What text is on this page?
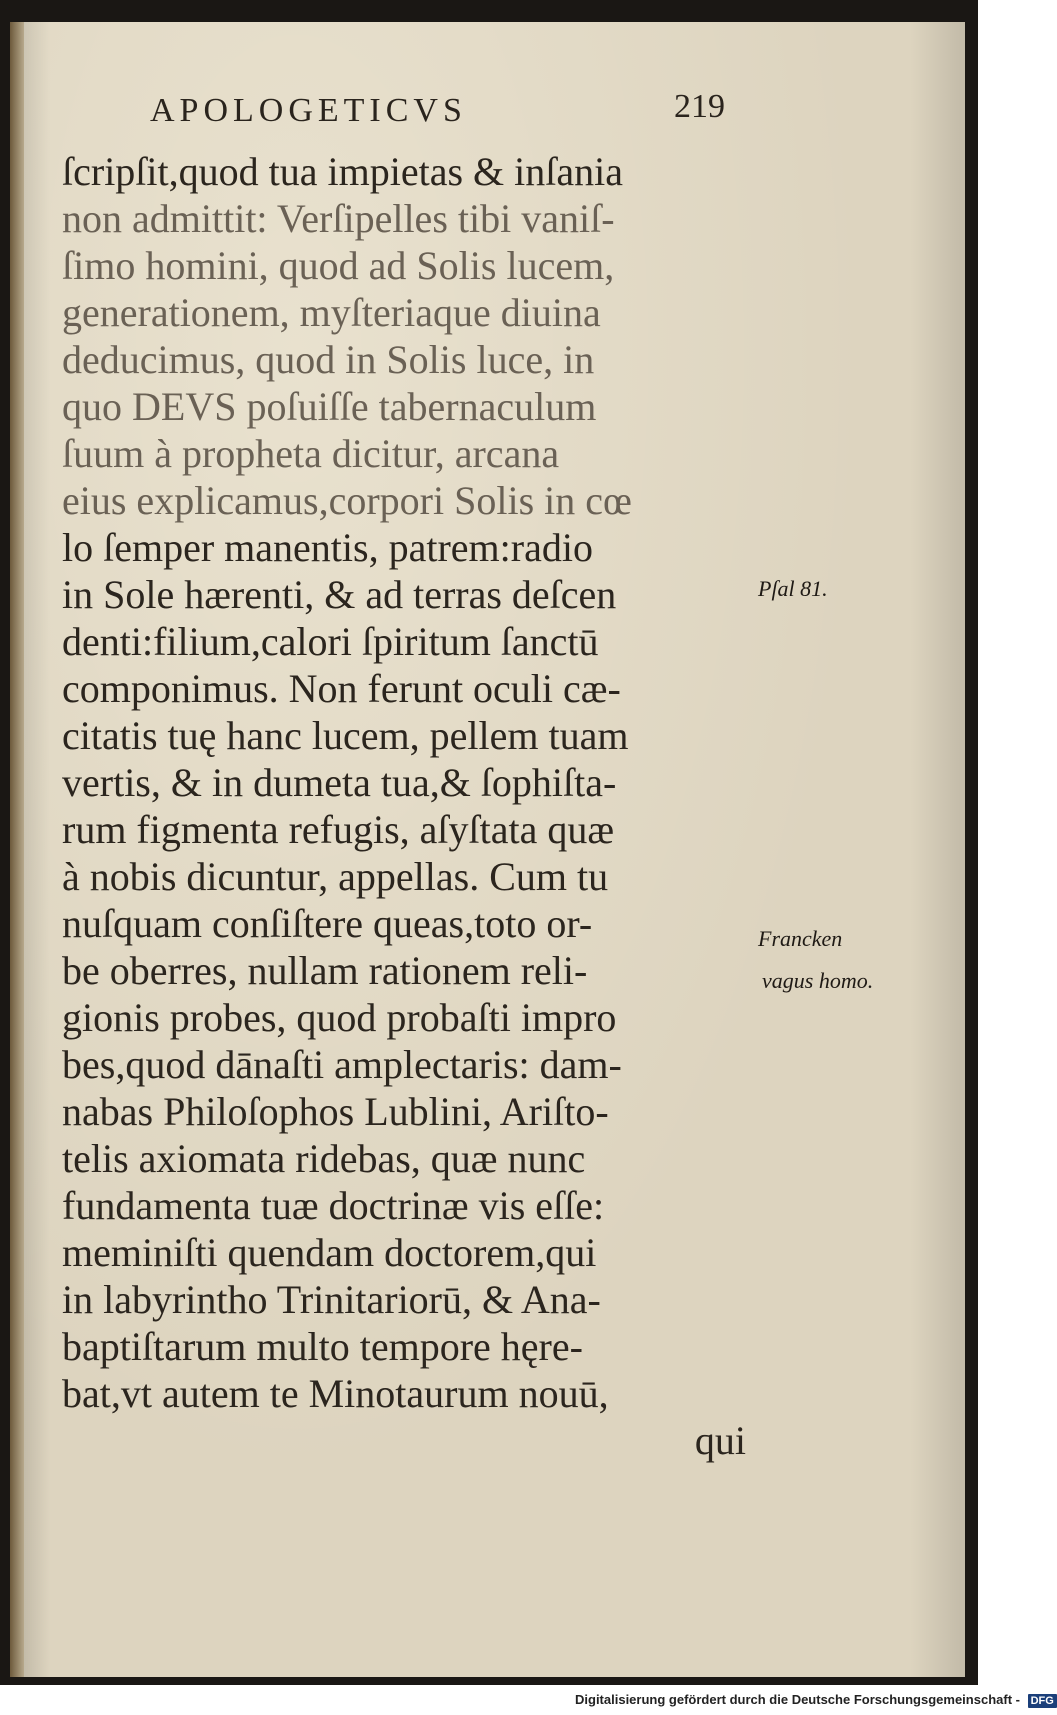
APOLOGETICVS	219
ſcripſit,quod tua impietas & inſania
non admittit: Verſipelles tibi vaniſ-
ſimo homini, quod ad Solis lucem,
generationem, myſteriaque diuina
deducimus, quod in Solis luce, in
quo DEVS poſuiſſe tabernaculum
ſuum à propheta dicitur, arcana
eius explicamus,corpori Solis in cœ
lo ſemper manentis, patrem:radio
in Sole hærenti, & ad terras deſcen
denti:filium,calori ſpiritum ſanctū
componimus. Non ferunt oculi cæ-
citatis tuę hanc lucem, pellem tuam
vertis, & in dumeta tua,& ſophiſta-
rum figmenta refugis, aſyſtata quæ
à nobis dicuntur, appellas. Cum tu
nuſquam conſiſtere queas,toto or-
be oberres, nullam rationem reli-
gionis probes, quod probaſti impro
bes,quod dānaſti amplectaris: dam-
nabas Philoſophos Lublini, Ariſto-
telis axiomata ridebas, quæ nunc
fundamenta tuæ doctrinæ vis eſſe:
meminiſti quendam doctorem,qui
in labyrintho Trinitariorū, & Ana-
baptiſtarum multo tempore hęre-
bat,vt autem te Minotaurum nouū,
qui
Pſal 81.
Francken
vagus homo.
Digitalisierung gefördert durch die Deutsche Forschungsgemeinschaft - DFG
